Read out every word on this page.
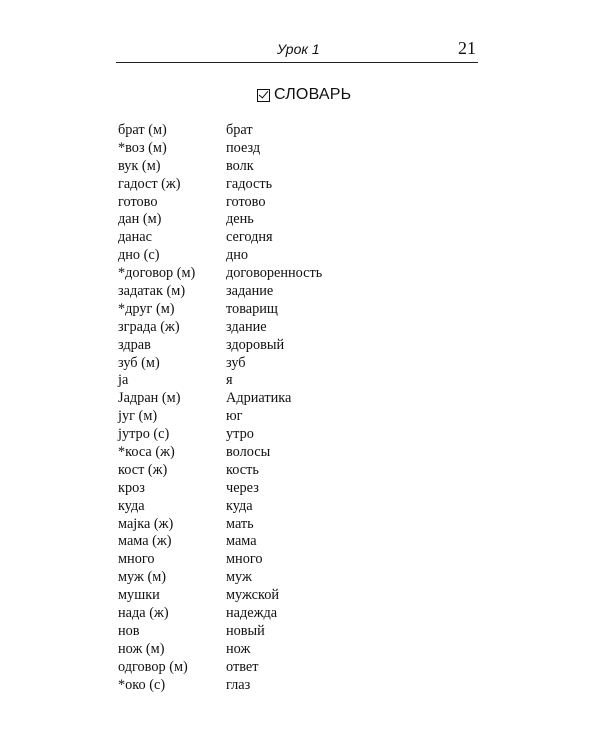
Урок 1	21
СЛОВАРЬ
брат (м)	брат
*воз (м)	поезд
вук (м)	волк
гадост (ж)	гадость
готово	готово
дан (м)	день
данас	сегодня
дно (с)	дно
*договор (м)	договоренность
задатак (м)	задание
*друг (м)	товарищ
зграда (ж)	здание
здрав	здоровый
зуб (м)	зуб
ја	я
Јадран (м)	Адриатика
југ (м)	юг
јутро (с)	утро
*коса (ж)	волосы
кост (ж)	кость
кроз	через
куда	куда
мајка (ж)	мать
мама (ж)	мама
много	много
муж (м)	муж
мушки	мужской
нада (ж)	надежда
нов	новый
нож (м)	нож
одговор (м)	ответ
*око (с)	глаз
